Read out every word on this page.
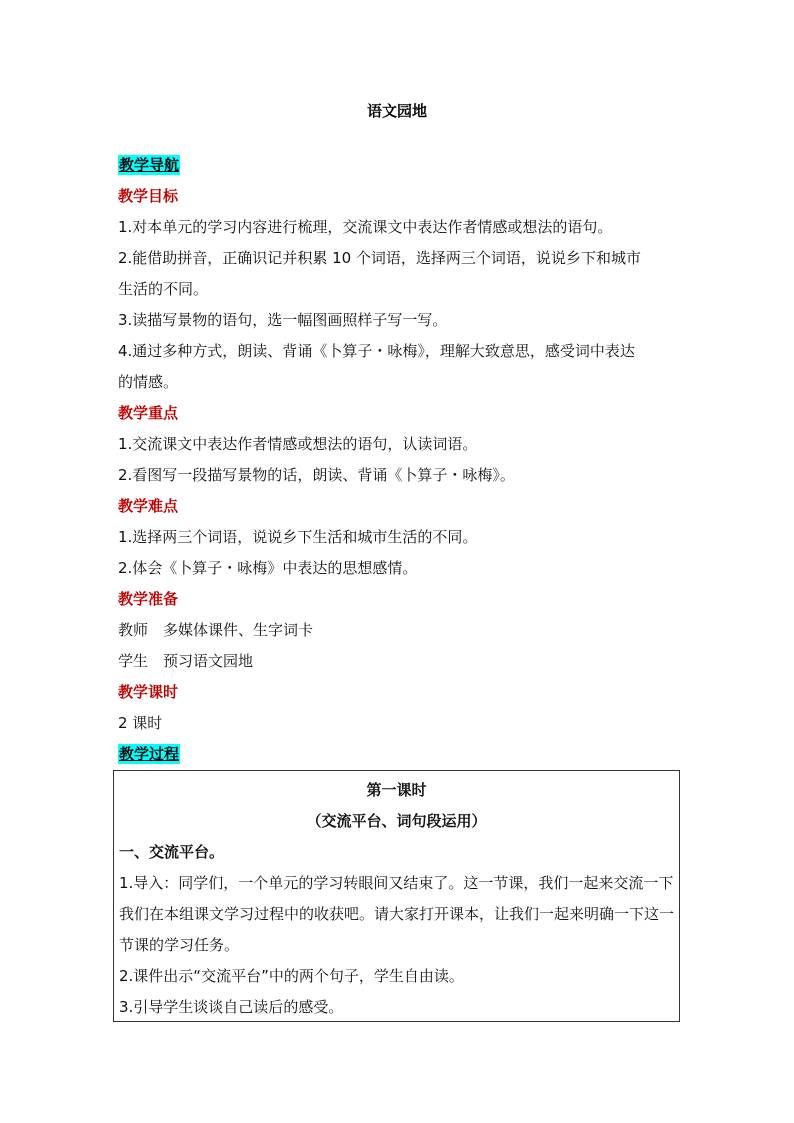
语文园地
教学导航
教学目标
1.对本单元的学习内容进行梳理，交流课文中表达作者情感或想法的语句。
2.能借助拼音，正确识记并积累 10 个词语，选择两三个词语，说说乡下和城市
生活的不同。
3.读描写景物的语句，选一幅图画照样子写一写。
4.通过多种方式，朗读、背诵《卜算子・咏梅》，理解大致意思，感受词中表达
的情感。
教学重点
1.交流课文中表达作者情感或想法的语句，认读词语。
2.看图写一段描写景物的话，朗读、背诵《卜算子・咏梅》。
教学难点
1.选择两三个词语，说说乡下生活和城市生活的不同。
2.体会《卜算子・咏梅》中表达的思想感情。
教学准备
教师　多媒体课件、生字词卡
学生　预习语文园地
教学课时
2 课时
教学过程
第一课时
（交流平台、词句段运用）
一、交流平台。
1.导入：同学们，一个单元的学习转眼间又结束了。这一节课，我们一起来交流一下我们在本组课文学习过程中的收获吧。请大家打开课本，让我们一起来明确一下这一节课的学习任务。
2.课件出示“交流平台”中的两个句子，学生自由读。
3.引导学生谈谈自己读后的感受。
